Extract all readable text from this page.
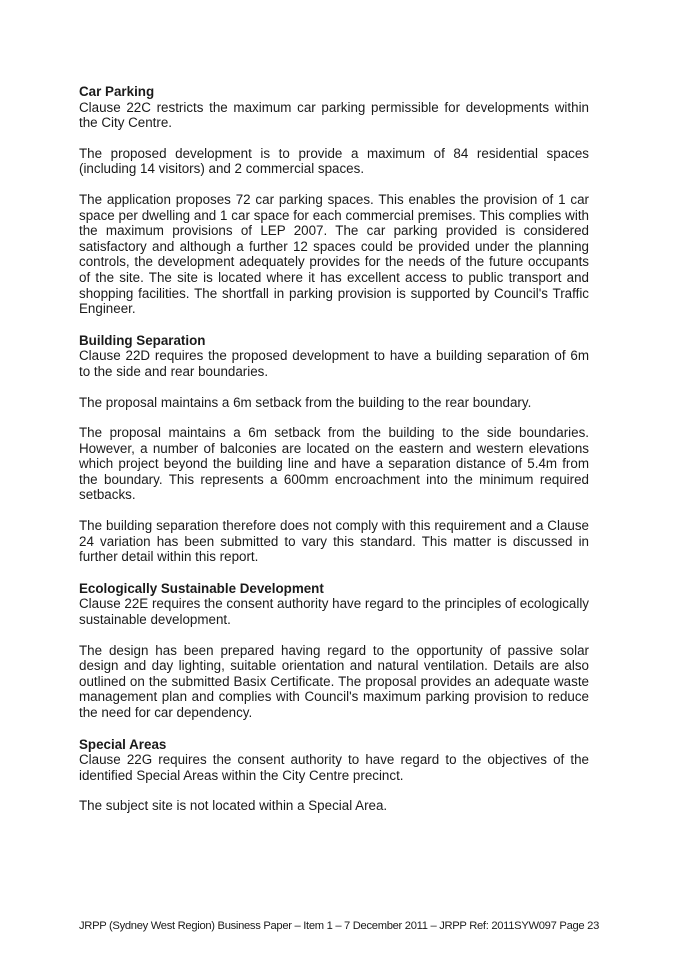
Car Parking

Clause 22C restricts the maximum car parking permissible for developments within the City Centre.

The proposed development is to provide a maximum of 84 residential spaces (including 14 visitors) and 2 commercial spaces.

The application proposes 72 car parking spaces. This enables the provision of 1 car space per dwelling and 1 car space for each commercial premises. This complies with the maximum provisions of LEP 2007. The car parking provided is considered satisfactory and although a further 12 spaces could be provided under the planning controls, the development adequately provides for the needs of the future occupants of the site. The site is located where it has excellent access to public transport and shopping facilities. The shortfall in parking provision is supported by Council's Traffic Engineer.

Building Separation

Clause 22D requires the proposed development to have a building separation of 6m to the side and rear boundaries.

The proposal maintains a 6m setback from the building to the rear boundary.

The proposal maintains a 6m setback from the building to the side boundaries. However, a number of balconies are located on the eastern and western elevations which project beyond the building line and have a separation distance of 5.4m from the boundary. This represents a 600mm encroachment into the minimum required setbacks.

The building separation therefore does not comply with this requirement and a Clause 24 variation has been submitted to vary this standard. This matter is discussed in further detail within this report.

Ecologically Sustainable Development

Clause 22E requires the consent authority have regard to the principles of ecologically sustainable development.

The design has been prepared having regard to the opportunity of passive solar design and day lighting, suitable orientation and natural ventilation. Details are also outlined on the submitted Basix Certificate. The proposal provides an adequate waste management plan and complies with Council's maximum parking provision to reduce the need for car dependency.

Special Areas

Clause 22G requires the consent authority to have regard to the objectives of the identified Special Areas within the City Centre precinct.

The subject site is not located within a Special Area.

JRPP (Sydney West Region) Business Paper – Item 1 – 7 December 2011 – JRPP Ref: 2011SYW097 Page 23
